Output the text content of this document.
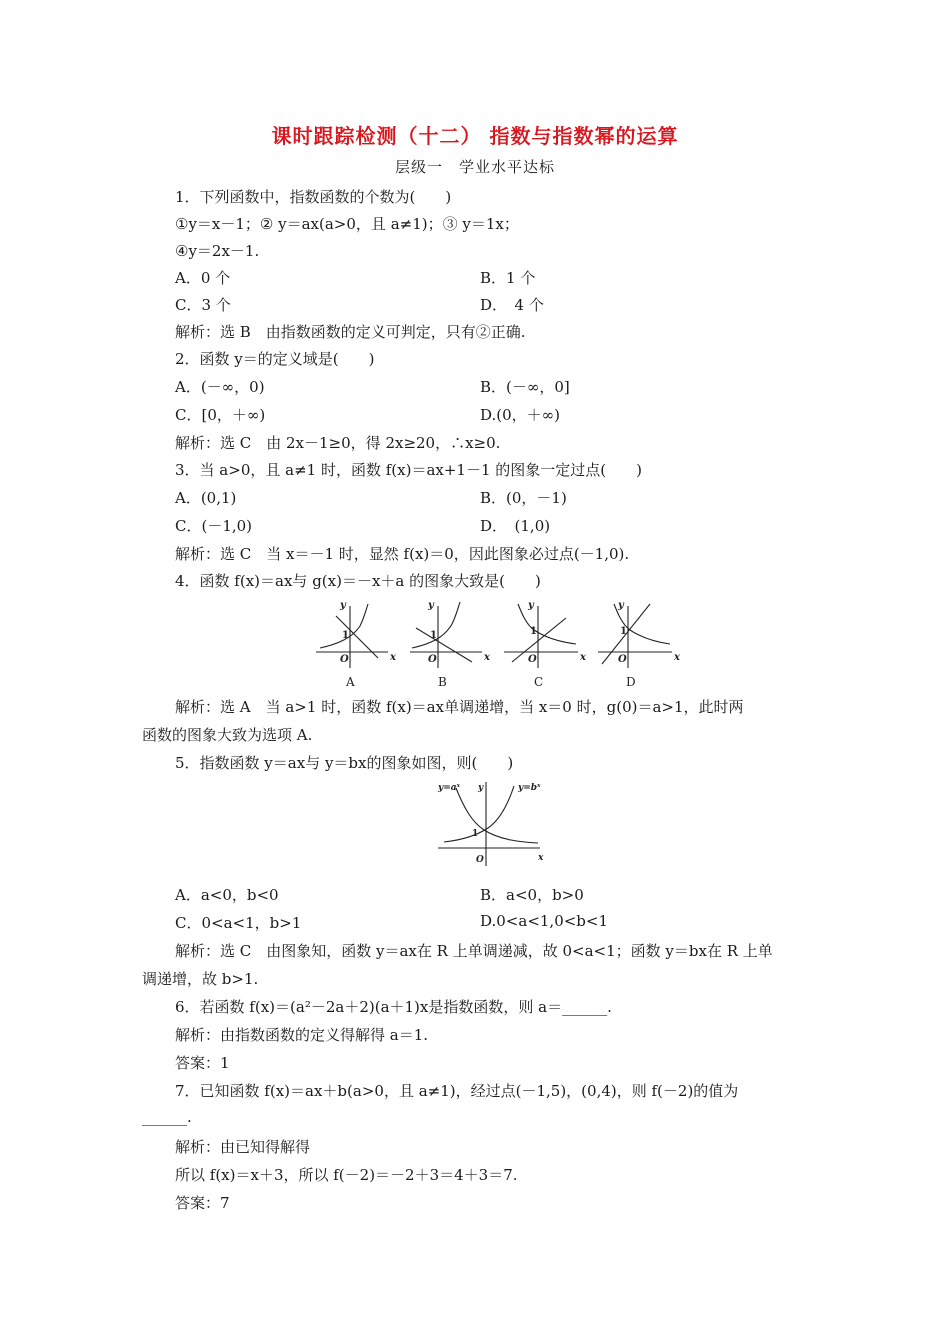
课时跟踪检测（十二） 指数与指数幂的运算
层级一　学业水平达标
1．下列函数中，指数函数的个数为(　　)
①y＝x－1；② y＝ax(a>0，且 a≠1)；③ y＝1x；
④y＝2x－1.
A．0 个	B．1 个
C．3 个	D．　4 个
解析：选 B　由指数函数的定义可判定，只有②正确.
2．函数 y＝的定义域是(　　)
A．(－∞，0)	B．(－∞，0]
C．[0，＋∞)	D.(0，＋∞)
解析：选 C　由 2x－1≥0，得 2x≥20，∴x≥0.
3．当 a>0，且 a≠1 时，函数 f(x)＝ax+1－1 的图象一定过点(　　)
A．(0,1)	B．(0，－1)
C．(－1,0)	D．　(1,0)
解析：选 C　当 x＝－1 时，显然 f(x)＝0，因此图象必过点(－1,0).
4．函数 f(x)＝ax与 g(x)＝－x＋a 的图象大致是(　　)
y
x
O
1
y
x
O
1
y
x
O
1
y
x
O
1
A	B	C	D
解析：选 A　当 a>1 时，函数 f(x)＝ax单调递增，当 x＝0 时，g(0)＝a>1，此时两
函数的图象大致为选项 A.
5．指数函数 y＝ax与 y＝bx的图象如图，则(　　)
y=aˣ	y=bˣ
y
x
O
1
A．a<0，b<0	B．a<0，b>0
C．0<a<1，b>1	D.0<a<1,0<b<1
解析：选 C　由图象知，函数 y＝ax在 R 上单调递减，故 0<a<1；函数 y＝bx在 R 上单
调递增，故 b>1.
6．若函数 f(x)＝(a²－2a＋2)(a＋1)x是指数函数，则 a＝______.
解析：由指数函数的定义得解得 a＝1.
答案：1
7．已知函数 f(x)＝ax＋b(a>0，且 a≠1)，经过点(－1,5)，(0,4)，则 f(－2)的值为
______.
解析：由已知得解得
所以 f(x)＝x＋3，所以 f(－2)＝－2＋3＝4＋3＝7.
答案：7
